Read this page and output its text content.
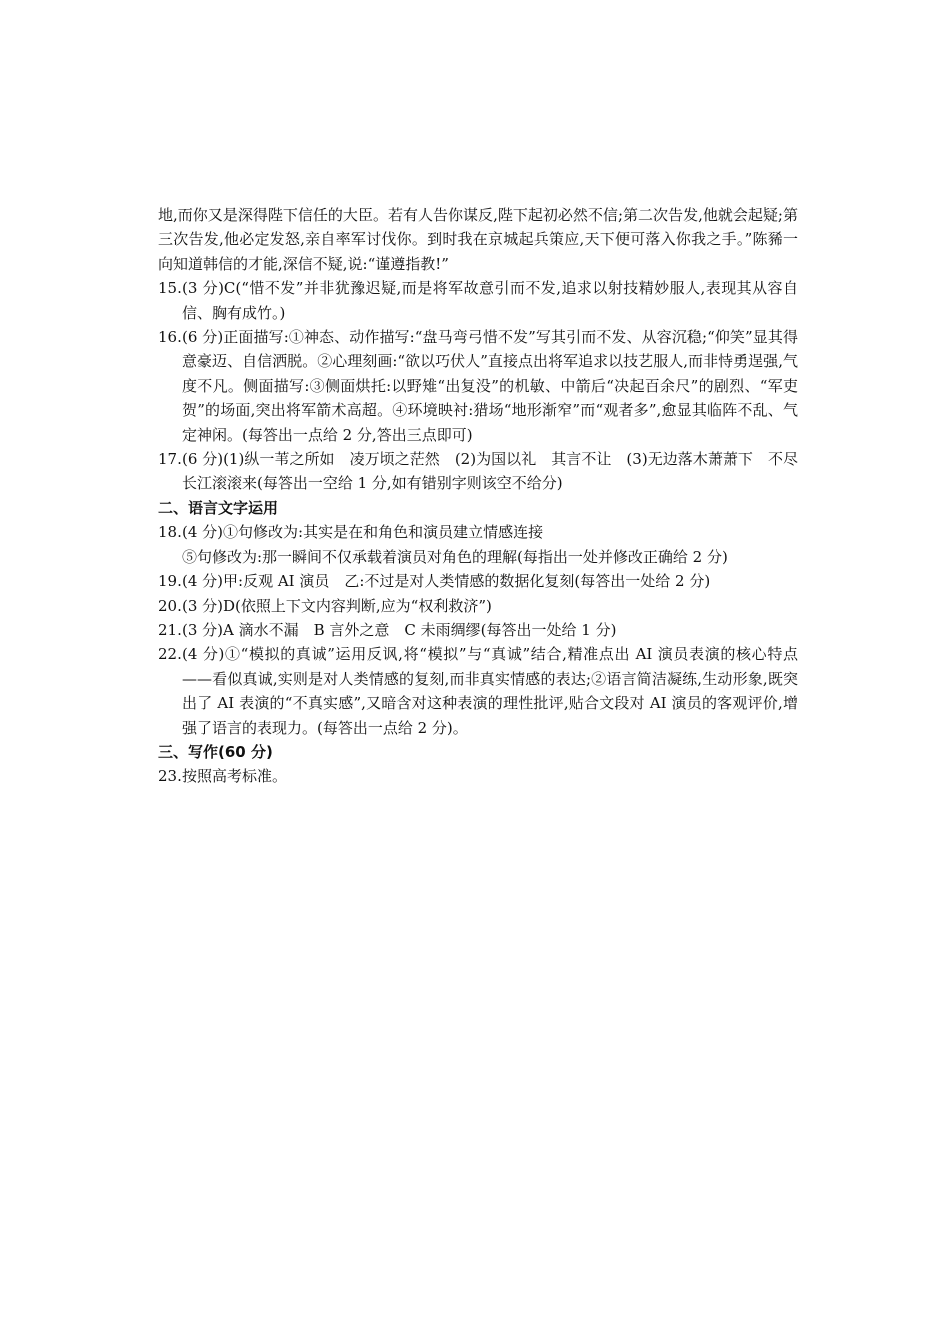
地,而你又是深得陛下信任的大臣。若有人告你谋反,陛下起初必然不信;第二次告发,他就会起疑;第三次告发,他必定发怒,亲自率军讨伐你。到时我在京城起兵策应,天下便可落入你我之手。”陈豨一向知道韩信的才能,深信不疑,说:“谨遵指教!”

15. (3 分)C(“惜不发”并非犹豫迟疑,而是将军故意引而不发,追求以射技精妙服人,表现其从容自信、胸有成竹。)
16. (6 分)正面描写:①神态、动作描写:“盘马弯弓惜不发”写其引而不发、从容沉稳;“仰笑”显其得意豪迈、自信洒脱。②心理刻画:“欲以巧伏人”直接点出将军追求以技艺服人,而非恃勇逞强,气度不凡。侧面描写:③侧面烘托:以野雉“出复没”的机敏、中箭后“决起百余尺”的剧烈、“军吏贺”的场面,突出将军箭术高超。④环境映衬:猎场“地形渐窄”而“观者多”,愈显其临阵不乱、气定神闲。(每答出一点给 2 分,答出三点即可)
17. (6 分)(1)纵一苇之所如　凌万顷之茫然　(2)为国以礼　其言不让　(3)无边落木萧萧下　不尽长江滚滚来(每答出一空给 1 分,如有错别字则该空不给分)

二、语言文字运用

18. (4 分)①句修改为:其实是在和角色和演员建立情感连接
⑤句修改为:那一瞬间不仅承载着演员对角色的理解(每指出一处并修改正确给 2 分)
19. (4 分)甲:反观 AI 演员　乙:不过是对人类情感的数据化复刻(每答出一处给 2 分)
20. (3 分)D(依照上下文内容判断,应为“权利救济”)
21. (3 分)A 滴水不漏　B 言外之意　C 未雨绸缪(每答出一处给 1 分)
22. (4 分)①“模拟的真诚”运用反讽,将“模拟”与“真诚”结合,精准点出 AI 演员表演的核心特点——看似真诚,实则是对人类情感的复刻,而非真实情感的表达;②语言简洁凝练,生动形象,既突出了 AI 表演的“不真实感”,又暗含对这种表演的理性批评,贴合文段对 AI 演员的客观评价,增强了语言的表现力。(每答出一点给 2 分)。

三、写作(60 分)

23. 按照高考标准。
